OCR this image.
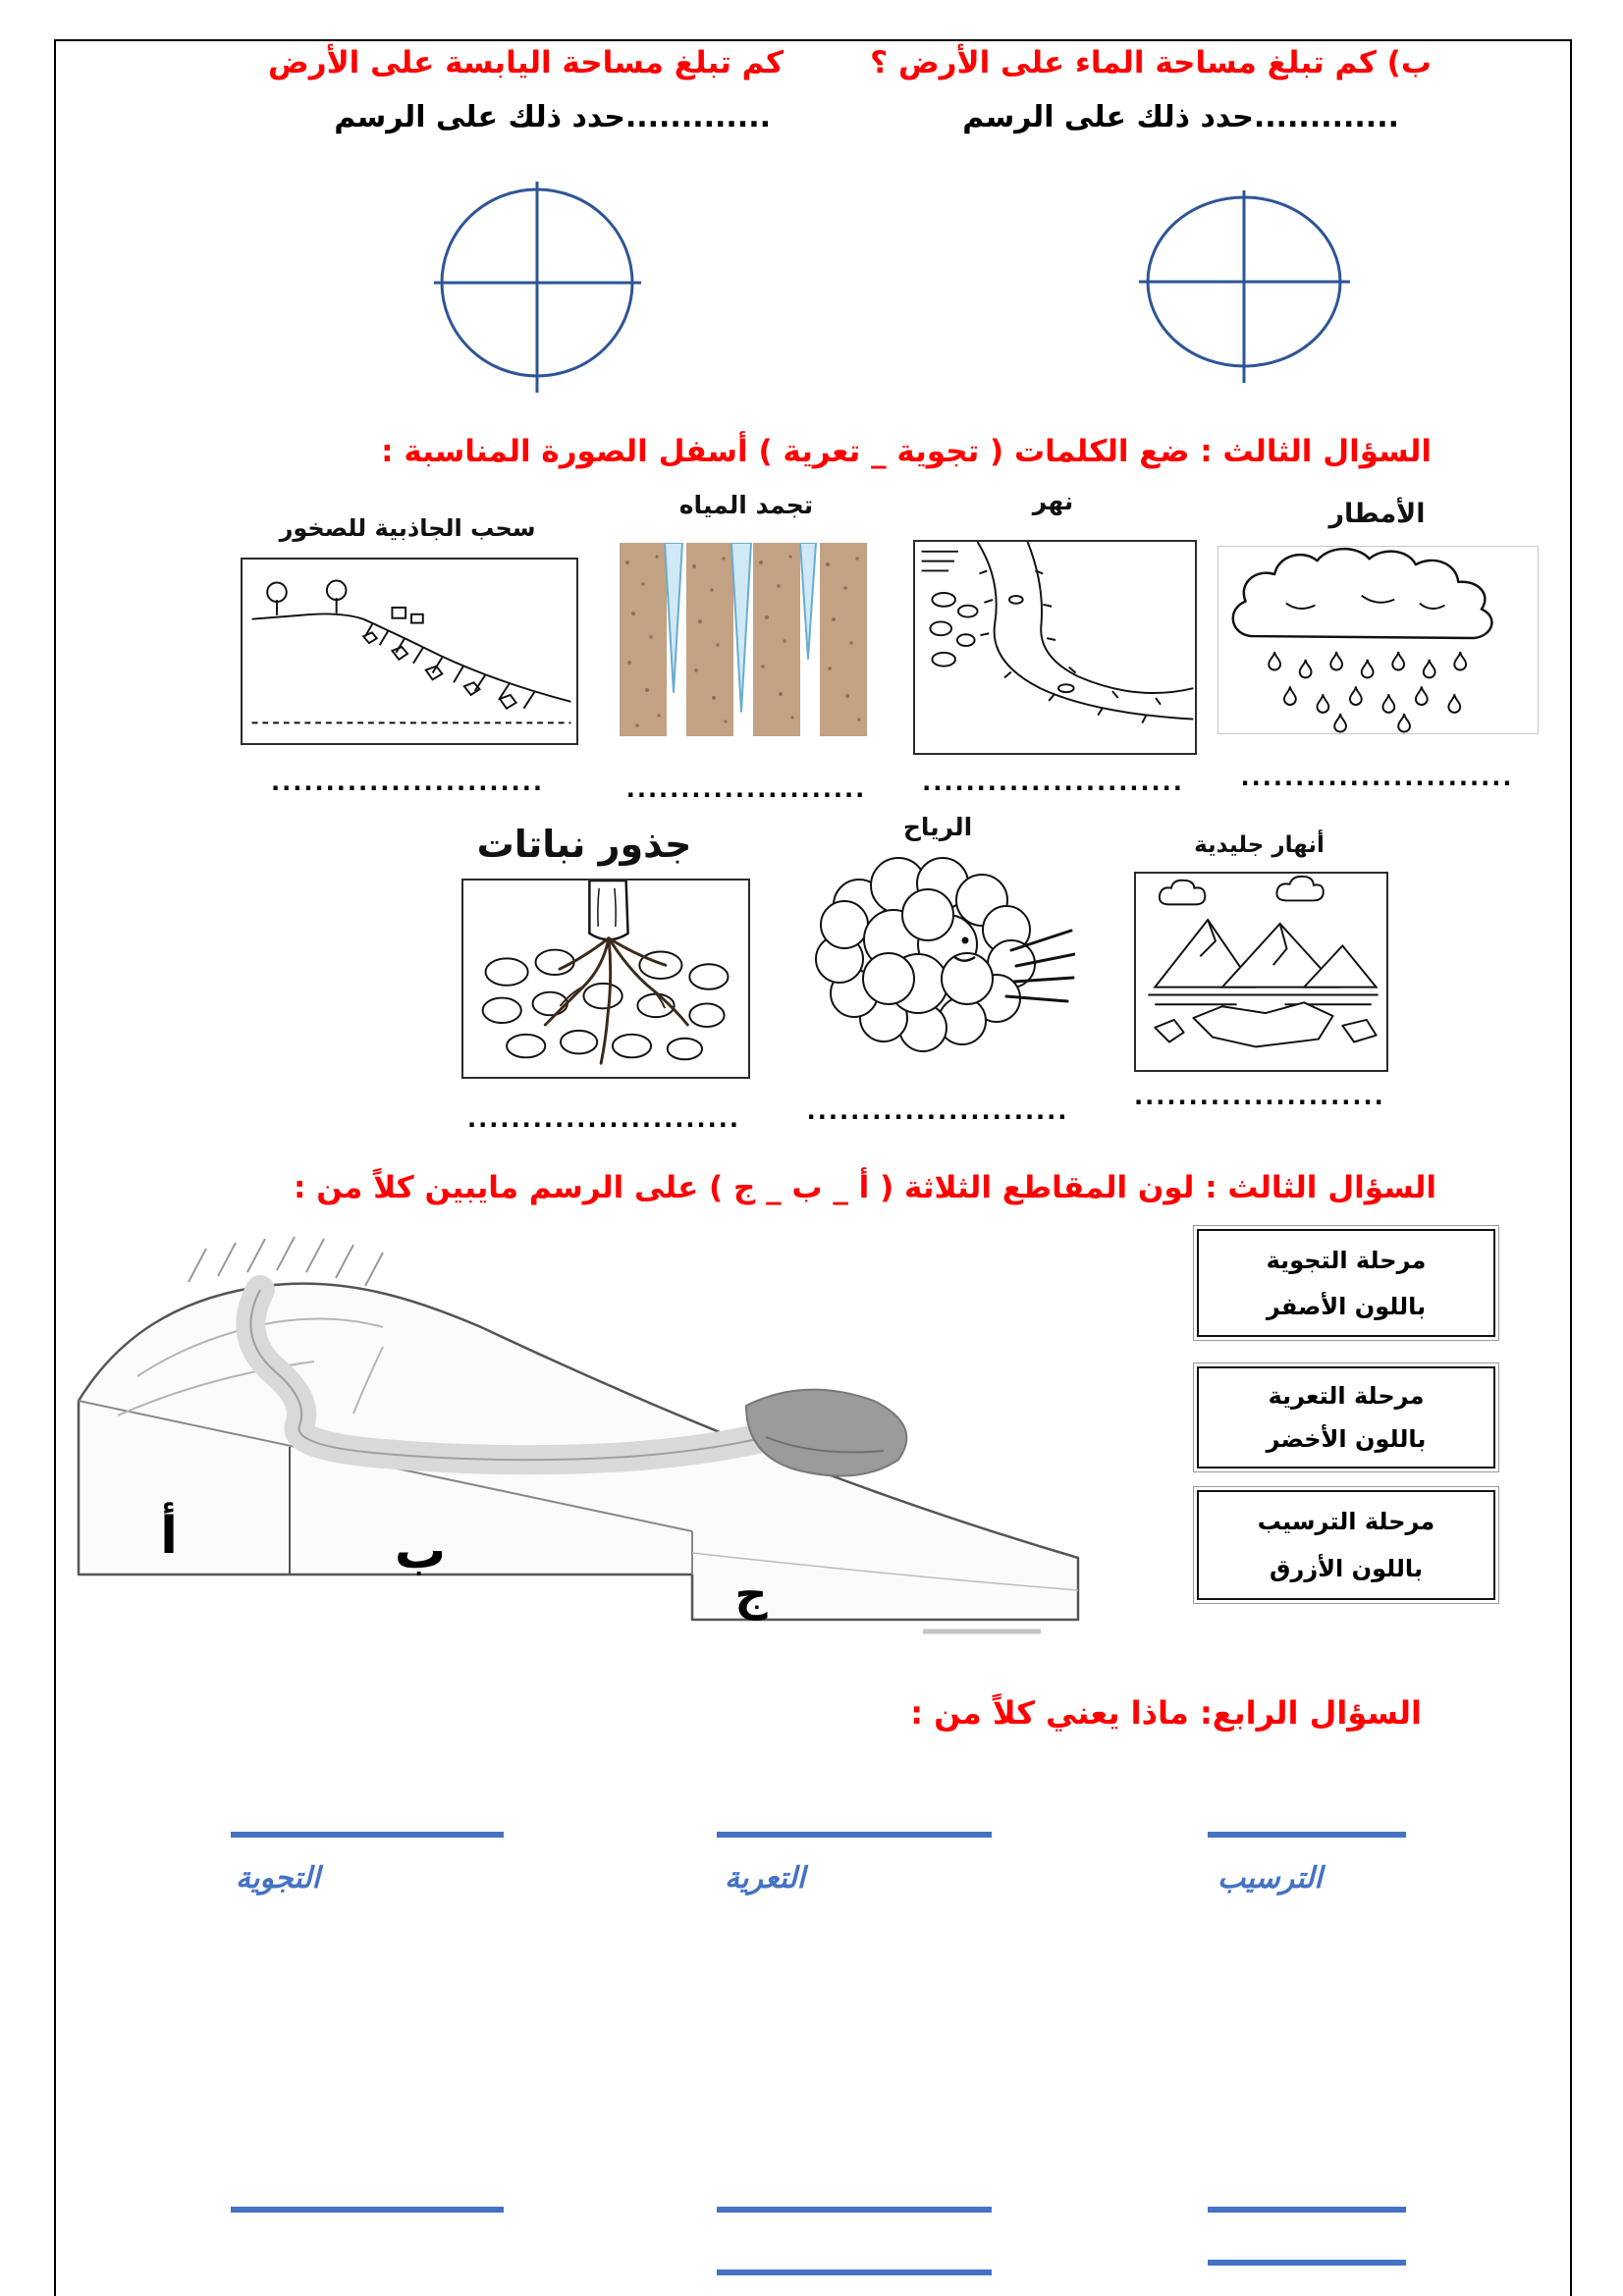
ب) كم تبلغ مساحة الماء على الأرض ؟
كم تبلغ مساحة اليابسة على الأرض
.............حدد ذلك على الرسم
.............حدد ذلك على الرسم
السؤال الثالث : ضع الكلمات ( تجوية _ تعرية ) أسفل الصورة المناسبة :
الأمطار
نهر
تجمد المياه
سحب الجاذبية للصخور
.........................
........................
......................
.........................
أنهار جليدية
الرياح
جذور نباتات
.......................
........................
.........................
السؤال الثالث : لون المقاطع الثلاثة ( أ _ ب _ ج ) على الرسم مايبين كلاً من :
أ	ب
ج
مرحلة التجوية
باللون الأصفر
مرحلة التعرية
باللون الأخضر
مرحلة الترسيب
باللون الأزرق
السؤال الرابع: ماذا يعني كلاً من :
الترسيب
التعرية
التجوية
